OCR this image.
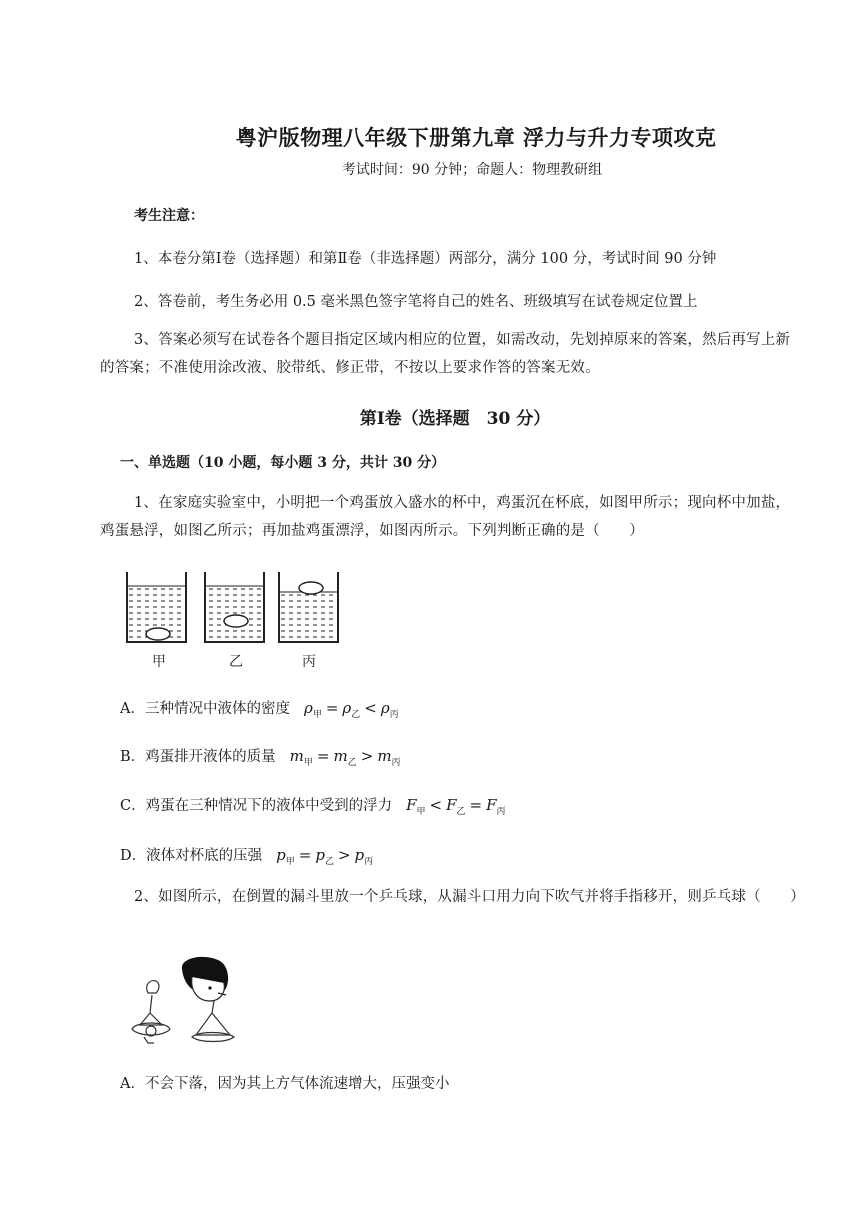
粤沪版物理八年级下册第九章 浮力与升力专项攻克
考试时间：90 分钟；命题人：物理教研组
考生注意：
1、本卷分第Ⅰ卷（选择题）和第Ⅱ卷（非选择题）两部分，满分 100 分，考试时间 90 分钟
2、答卷前，考生务必用 0.5 毫米黑色签字笔将自己的姓名、班级填写在试卷规定位置上
3、答案必须写在试卷各个题目指定区域内相应的位置，如需改动，先划掉原来的答案，然后再写上新的答案；不准使用涂改液、胶带纸、修正带，不按以上要求作答的答案无效。
第Ⅰ卷（选择题　30 分）
一、单选题（10 小题，每小题 3 分，共计 30 分）
1、在家庭实验室中，小明把一个鸡蛋放入盛水的杯中，鸡蛋沉在杯底，如图甲所示；现向杯中加盐，鸡蛋悬浮，如图乙所示；再加盐鸡蛋漂浮，如图丙所示。下列判断正确的是（　　）
甲	乙	丙
A．三种情况中液体的密度 $\rho_甲 = \rho_乙 < \rho_丙$
B．鸡蛋排开液体的质量 $m_甲 = m_乙 > m_丙$
C．鸡蛋在三种情况下的液体中受到的浮力 $F_甲 < F_乙 = F_丙$
D．液体对杯底的压强 $p_甲 = p_乙 > p_丙$
2、如图所示，在倒置的漏斗里放一个乒乓球，从漏斗口用力向下吹气并将手指移开，则乒乓球（　　）
A．不会下落，因为其上方气体流速增大，压强变小
